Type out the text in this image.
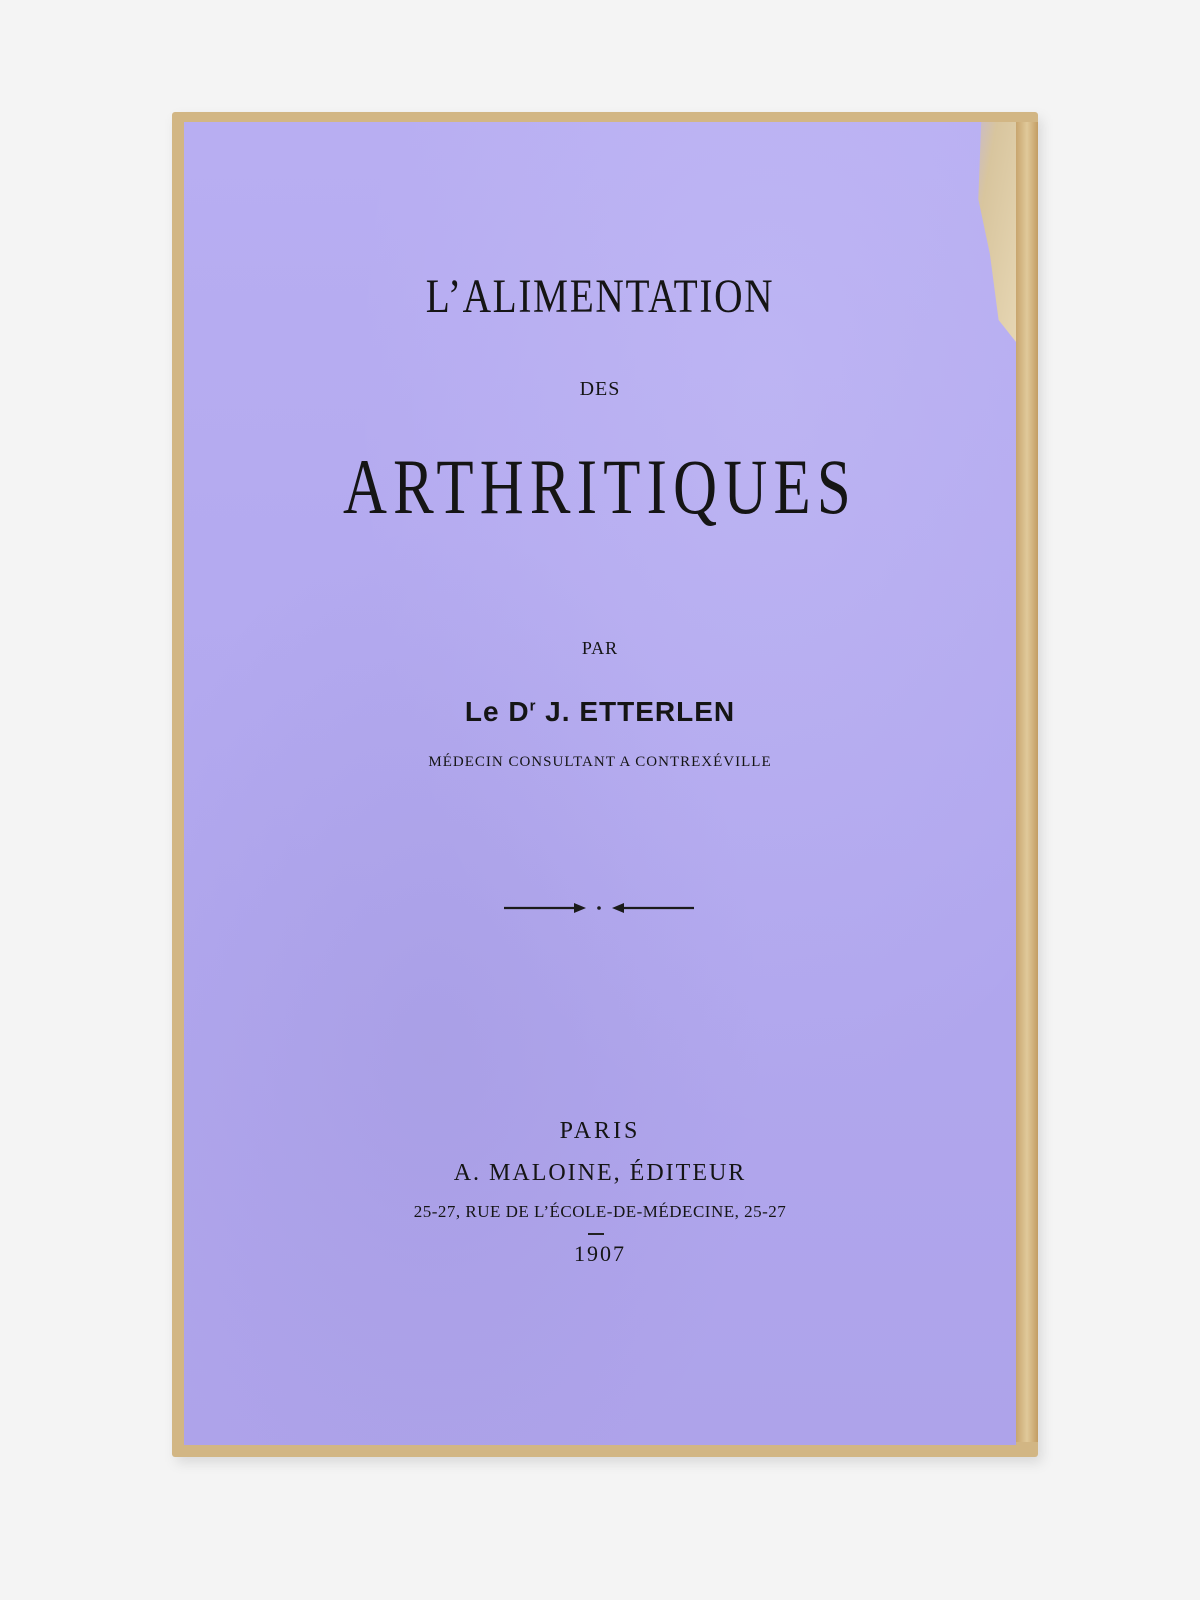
L’ALIMENTATION
DES
ARTHRITIQUES
PAR
Le $D^r$ J. ETTERLEN
MÉDECIN CONSULTANT A CONTREXÉVILLE
PARIS
A. MALOINE, ÉDITEUR
25-27, RUE DE L’ÉCOLE-DE-MÉDECINE, 25-27
1907
